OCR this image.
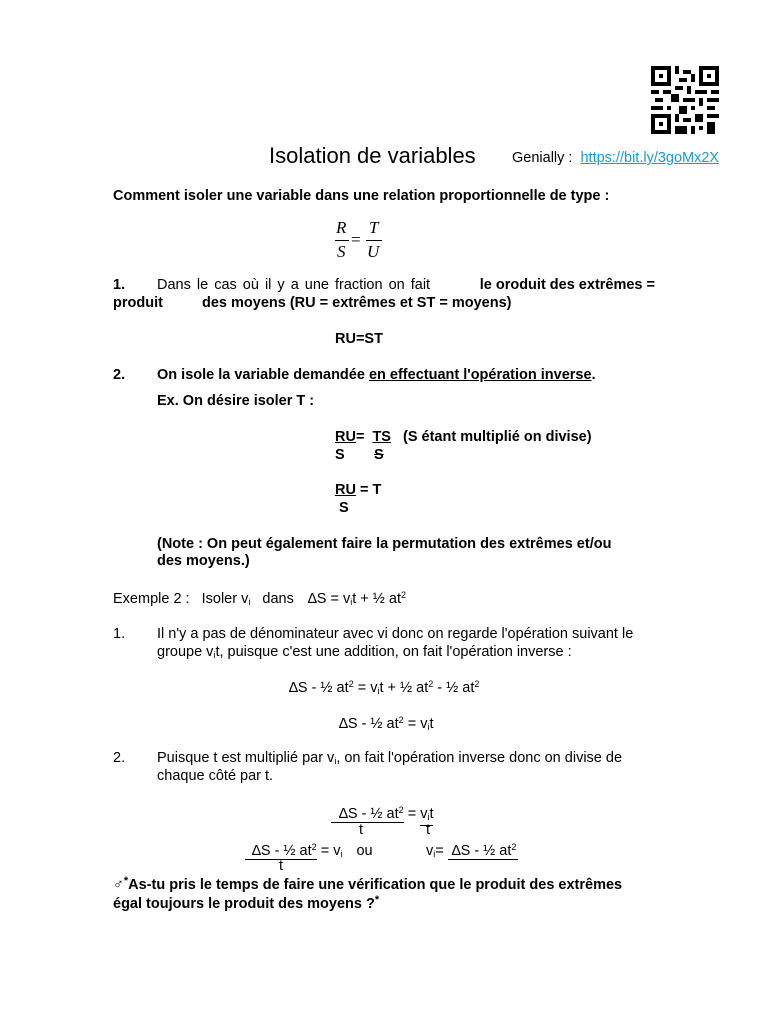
Isolation de variables	Genially : https://bit.ly/3goMx2X
Comment isoler une variable dans une relation proportionnelle de type :
R
S
=
T
U
1. Dans le cas où il y a une fraction on fait	le oroduit des extrêmes =
produit	des moyens (RU = extrêmes et ST = moyens)
RU=ST
2. On isole la variable demandée en effectuant l'opération inverse.
Ex. On désire isoler T :
RU= TS (S étant multiplié on divise)
S S
RU = T
S
(Note : On peut également faire la permutation des extrêmes et/ou
des moyens.)
Exemple 2 : Isoler $v_i$ dans $\Delta S = v_it$ + ½ $at^2$
1. Il n'y a pas de dénominateur avec vi donc on regarde l'opération suivant le
groupe $v_it$, puisque c'est une addition, on fait l'opération inverse :
∆S - ½ $at^2 = v_it$ + ½ $at^2$ - ½ $at^2$
∆S - ½ $at^2 = v_it$
2. Puisque t est multiplié par $v_i$, on fait l'opération inverse donc on divise de
chaque côté par t.
∆S - ½ $at^2 = v_it$
t	t
∆S - ½ $at^2 = v_i$ ou	$v_i= \Delta S$ - ½ $at^2$
t
♂*As-tu pris le temps de faire une vérification que le produit des extrêmes
égal toujours le produit des moyens ?*
